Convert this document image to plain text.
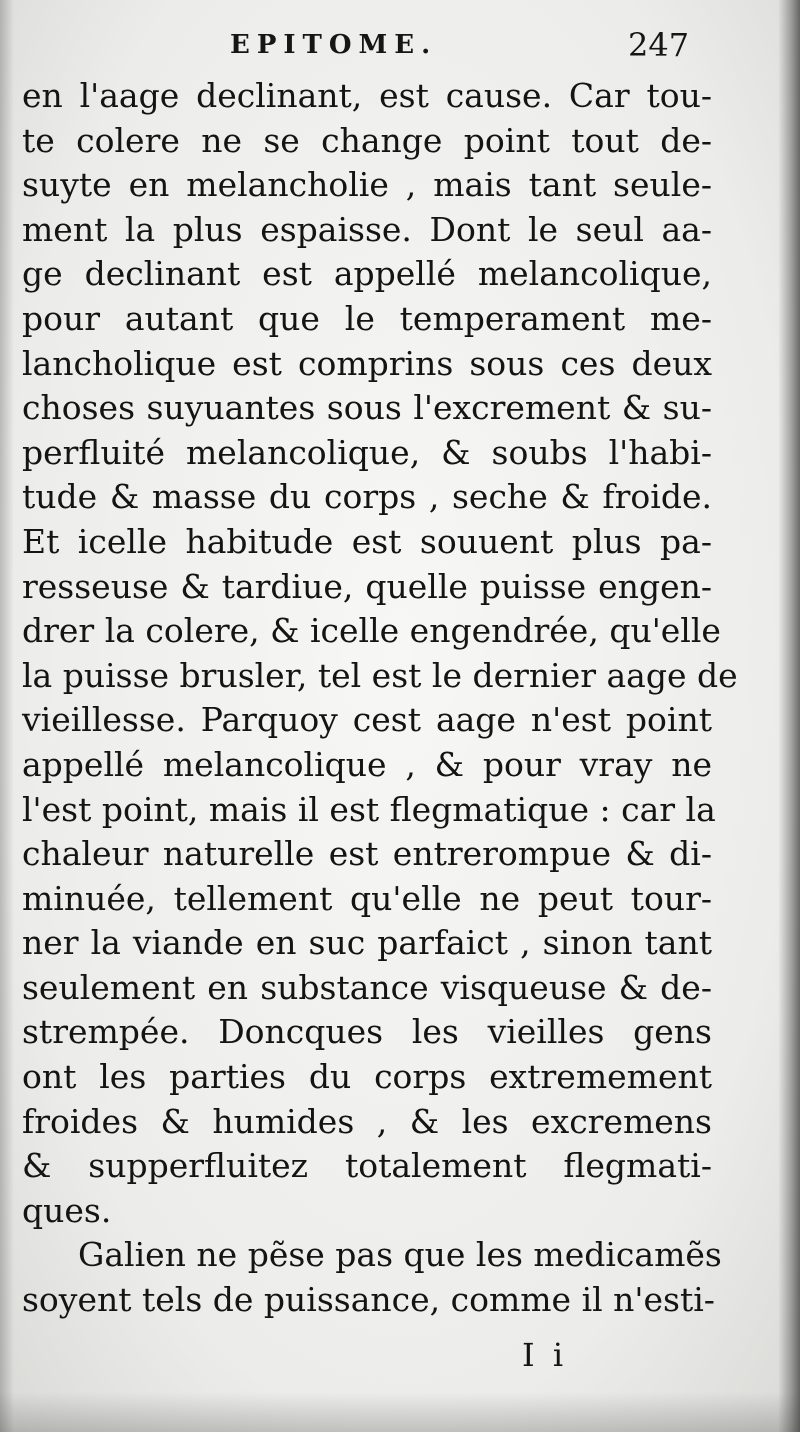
EPITOME.	247
en l'aage declinant, est cause. Car tou-
te colere ne se change point tout de-
suyte en melancholie , mais tant seule-
ment la plus espaisse. Dont le seul aa-
ge declinant est appellé melancolique,
pour autant que le temperament me-
lancholique est comprins sous ces deux
choses suyuantes sous l'excrement & su-
perfluité melancolique, & soubs l'habi-
tude & masse du corps , seche & froide.
Et icelle habitude est souuent plus pa-
resseuse & tardiue, quelle puisse engen-
drer la colere, & icelle engendrée, qu'elle
la puisse brusler, tel est le dernier aage de
vieillesse. Parquoy cest aage n'est point
appellé melancolique , & pour vray ne
l'est point, mais il est flegmatique : car la
chaleur naturelle est entrerompue & di-
minuée, tellement qu'elle ne peut tour-
ner la viande en suc parfaict , sinon tant
seulement en substance visqueuse & de-
strempée. Doncques les vieilles gens
ont les parties du corps extremement
froides & humides , & les excremens
& supperfluitez totalement flegmati-
ques.
Galien ne pẽse pas que les medicamẽs
soyent tels de puissance, comme il n'esti-
I i
